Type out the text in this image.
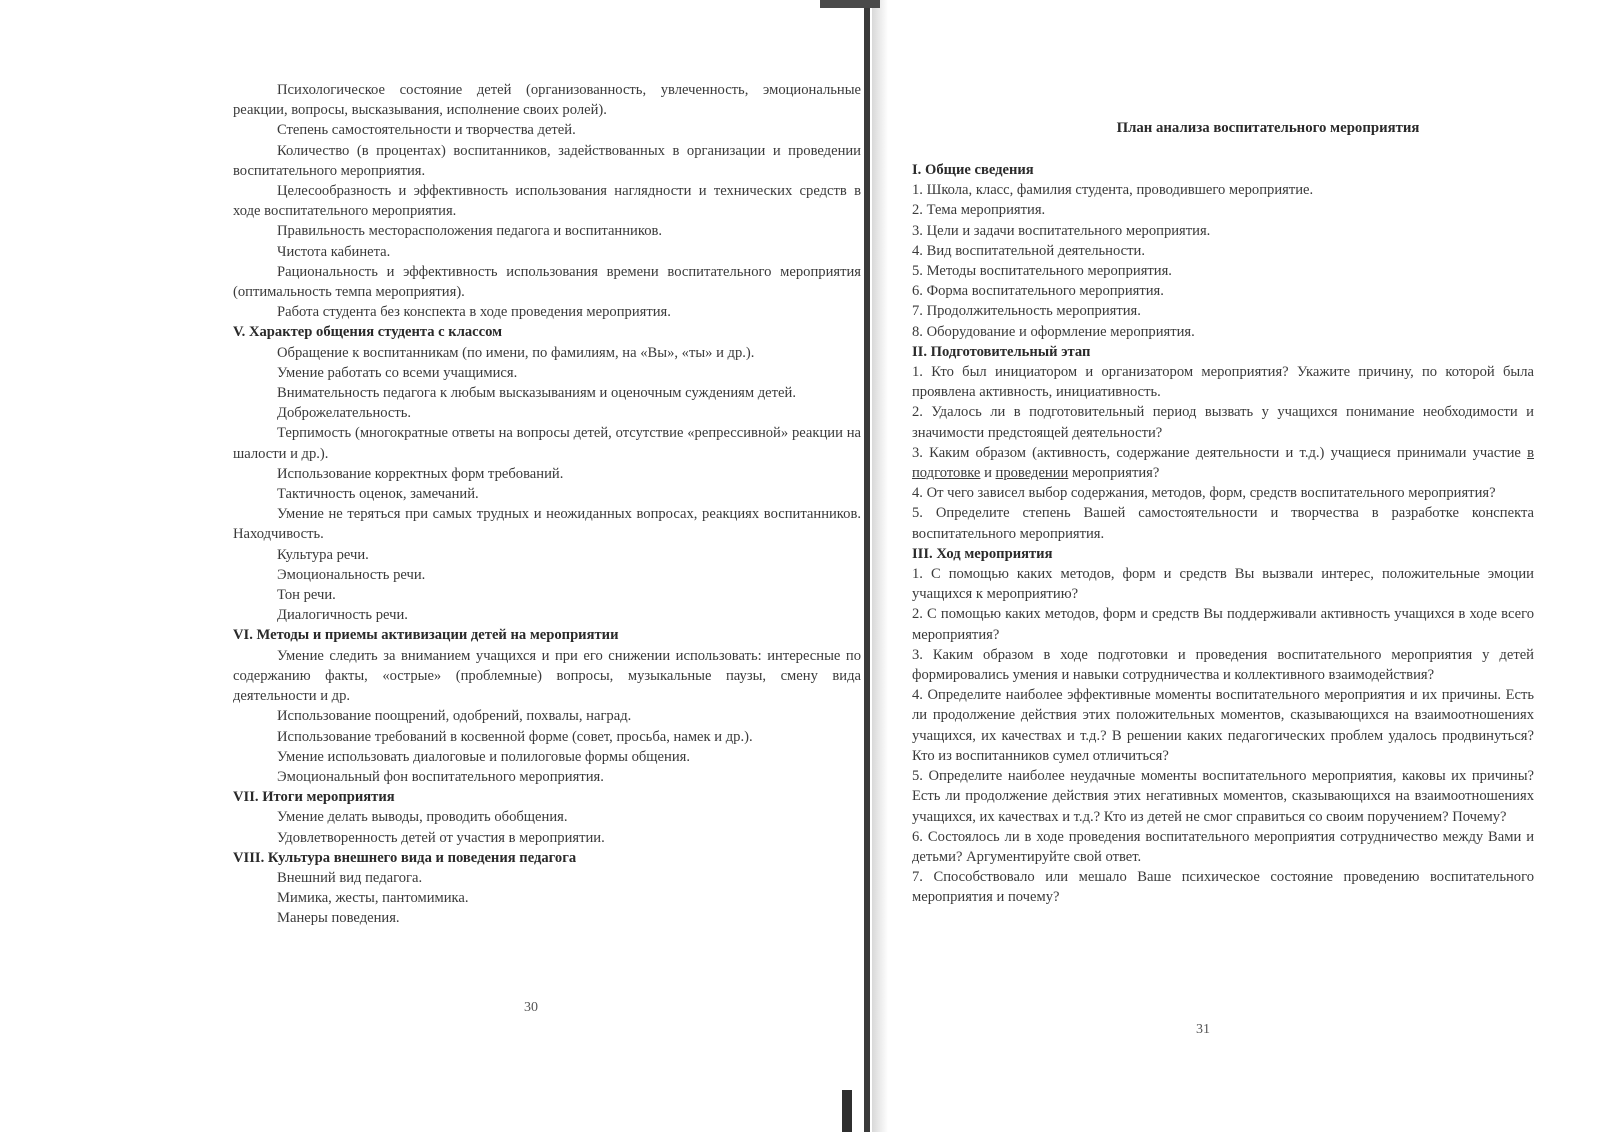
Психологическое состояние детей (организованность, увлеченность, эмоциональные реакции, вопросы, высказывания, исполнение своих ролей).

Степень самостоятельности и творчества детей.

Количество (в процентах) воспитанников, задействованных в организации и проведении воспитательного мероприятия.

Целесообразность и эффективность использования наглядности и технических средств в ходе воспитательного мероприятия.

Правильность месторасположения педагога и воспитанников.

Чистота кабинета.

Рациональность и эффективность использования времени воспитательного мероприятия (оптимальность темпа мероприятия).

Работа студента без конспекта в ходе проведения мероприятия.

V. Характер общения студента с классом

Обращение к воспитанникам (по имени, по фамилиям, на «Вы», «ты» и др.).

Умение работать со всеми учащимися.

Внимательность педагога к любым высказываниям и оценочным суждениям детей.

Доброжелательность.

Терпимость (многократные ответы на вопросы детей, отсутствие «репрессивной» реакции на шалости и др.).

Использование корректных форм требований.

Тактичность оценок, замечаний.

Умение не теряться при самых трудных и неожиданных вопросах, реакциях воспитанников. Находчивость.

Культура речи.

Эмоциональность речи.

Тон речи.

Диалогичность речи.

VI. Методы и приемы активизации детей на мероприятии

Умение следить за вниманием учащихся и при его снижении использовать: интересные по содержанию факты, «острые» (проблемные) вопросы, музыкальные паузы, смену вида деятельности и др.

Использование поощрений, одобрений, похвалы, наград.

Использование требований в косвенной форме (совет, просьба, намек и др.).

Умение использовать диалоговые и полилоговые формы общения.

Эмоциональный фон воспитательного мероприятия.

VII. Итоги мероприятия

Умение делать выводы, проводить обобщения.

Удовлетворенность детей от участия в мероприятии.

VIII. Культура внешнего вида и поведения педагога

Внешний вид педагога.

Мимика, жесты, пантомимика.

Манеры поведения.

30
План анализа воспитательного мероприятия

I. Общие сведения

1. Школа, класс, фамилия студента, проводившего мероприятие.

2. Тема мероприятия.

3. Цели и задачи воспитательного мероприятия.

4. Вид воспитательной деятельности.

5. Методы воспитательного мероприятия.

6. Форма воспитательного мероприятия.

7. Продолжительность мероприятия.

8. Оборудование и оформление мероприятия.

II. Подготовительный этап

1. Кто был инициатором и организатором мероприятия? Укажите причину, по которой была проявлена активность, инициативность.

2. Удалось ли в подготовительный период вызвать у учащихся понимание необходимости и значимости предстоящей деятельности?

3. Каким образом (активность, содержание деятельности и т.д.) учащиеся принимали участие в подготовке и проведении мероприятия?

4. От чего зависел выбор содержания, методов, форм, средств воспитательного мероприятия?

5. Определите степень Вашей самостоятельности и творчества в разработке конспекта воспитательного мероприятия.

III. Ход мероприятия

1. С помощью каких методов, форм и средств Вы вызвали интерес, положительные эмоции учащихся к мероприятию?

2. С помощью каких методов, форм и средств Вы поддерживали активность учащихся в ходе всего мероприятия?

3. Каким образом в ходе подготовки и проведения воспитательного мероприятия у детей формировались умения и навыки сотрудничества и коллективного взаимодействия?

4. Определите наиболее эффективные моменты воспитательного мероприятия и их причины. Есть ли продолжение действия этих положительных моментов, сказывающихся на взаимоотношениях учащихся, их качествах и т.д.? В решении каких педагогических проблем удалось продвинуться? Кто из воспитанников сумел отличиться?

5. Определите наиболее неудачные моменты воспитательного мероприятия, каковы их причины? Есть ли продолжение действия этих негативных моментов, сказывающихся на взаимоотношениях учащихся, их качествах и т.д.? Кто из детей не смог справиться со своим поручением? Почему?

6. Состоялось ли в ходе проведения воспитательного мероприятия сотрудничество между Вами и детьми? Аргументируйте свой ответ.

7. Способствовало или мешало Ваше психическое состояние проведению воспитательного мероприятия и почему?

31
